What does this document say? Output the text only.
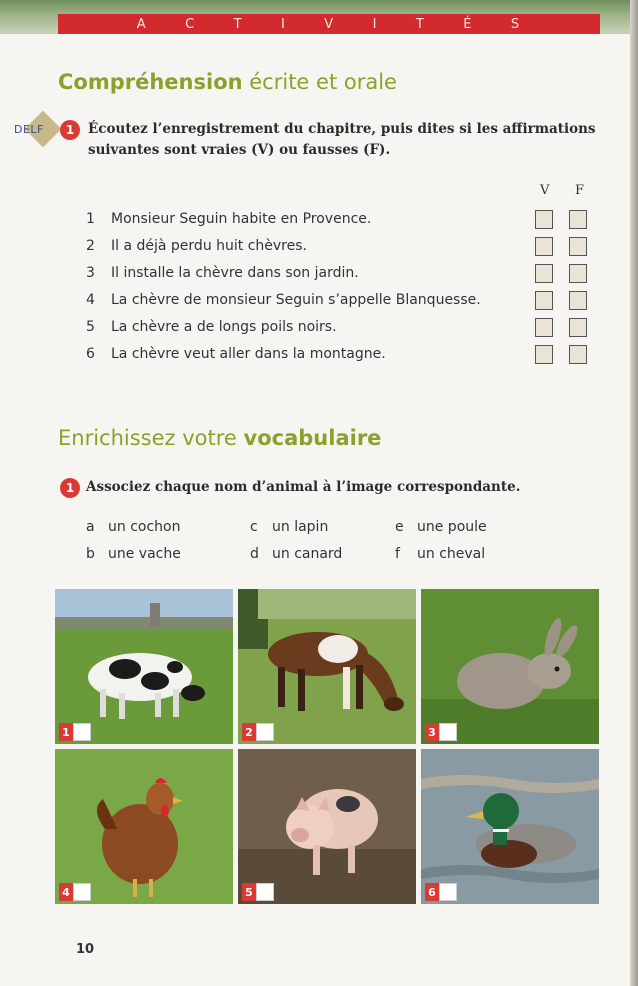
A	C	T	I	V	I	T	É	S
Compréhension écrite et orale
DELF	1	Écoutez l’enregistrement du chapitre, puis dites si les affirmations
suivantes sont vraies (V) ou fausses (F).
V F
1 Monsieur Seguin habite en Provence.
2 Il a déjà perdu huit chèvres.
3 Il installe la chèvre dans son jardin.
4 La chèvre de monsieur Seguin s’appelle Blanquesse.
5 La chèvre a de longs poils noirs.
6 La chèvre veut aller dans la montagne.
Enrichissez votre vocabulaire
1 Associez chaque nom d’animal à l’image correspondante.
a un cochon
b une vache
c un lapin
d un canard
e une poule
f un cheval
1	2	3
4	5	6
10
